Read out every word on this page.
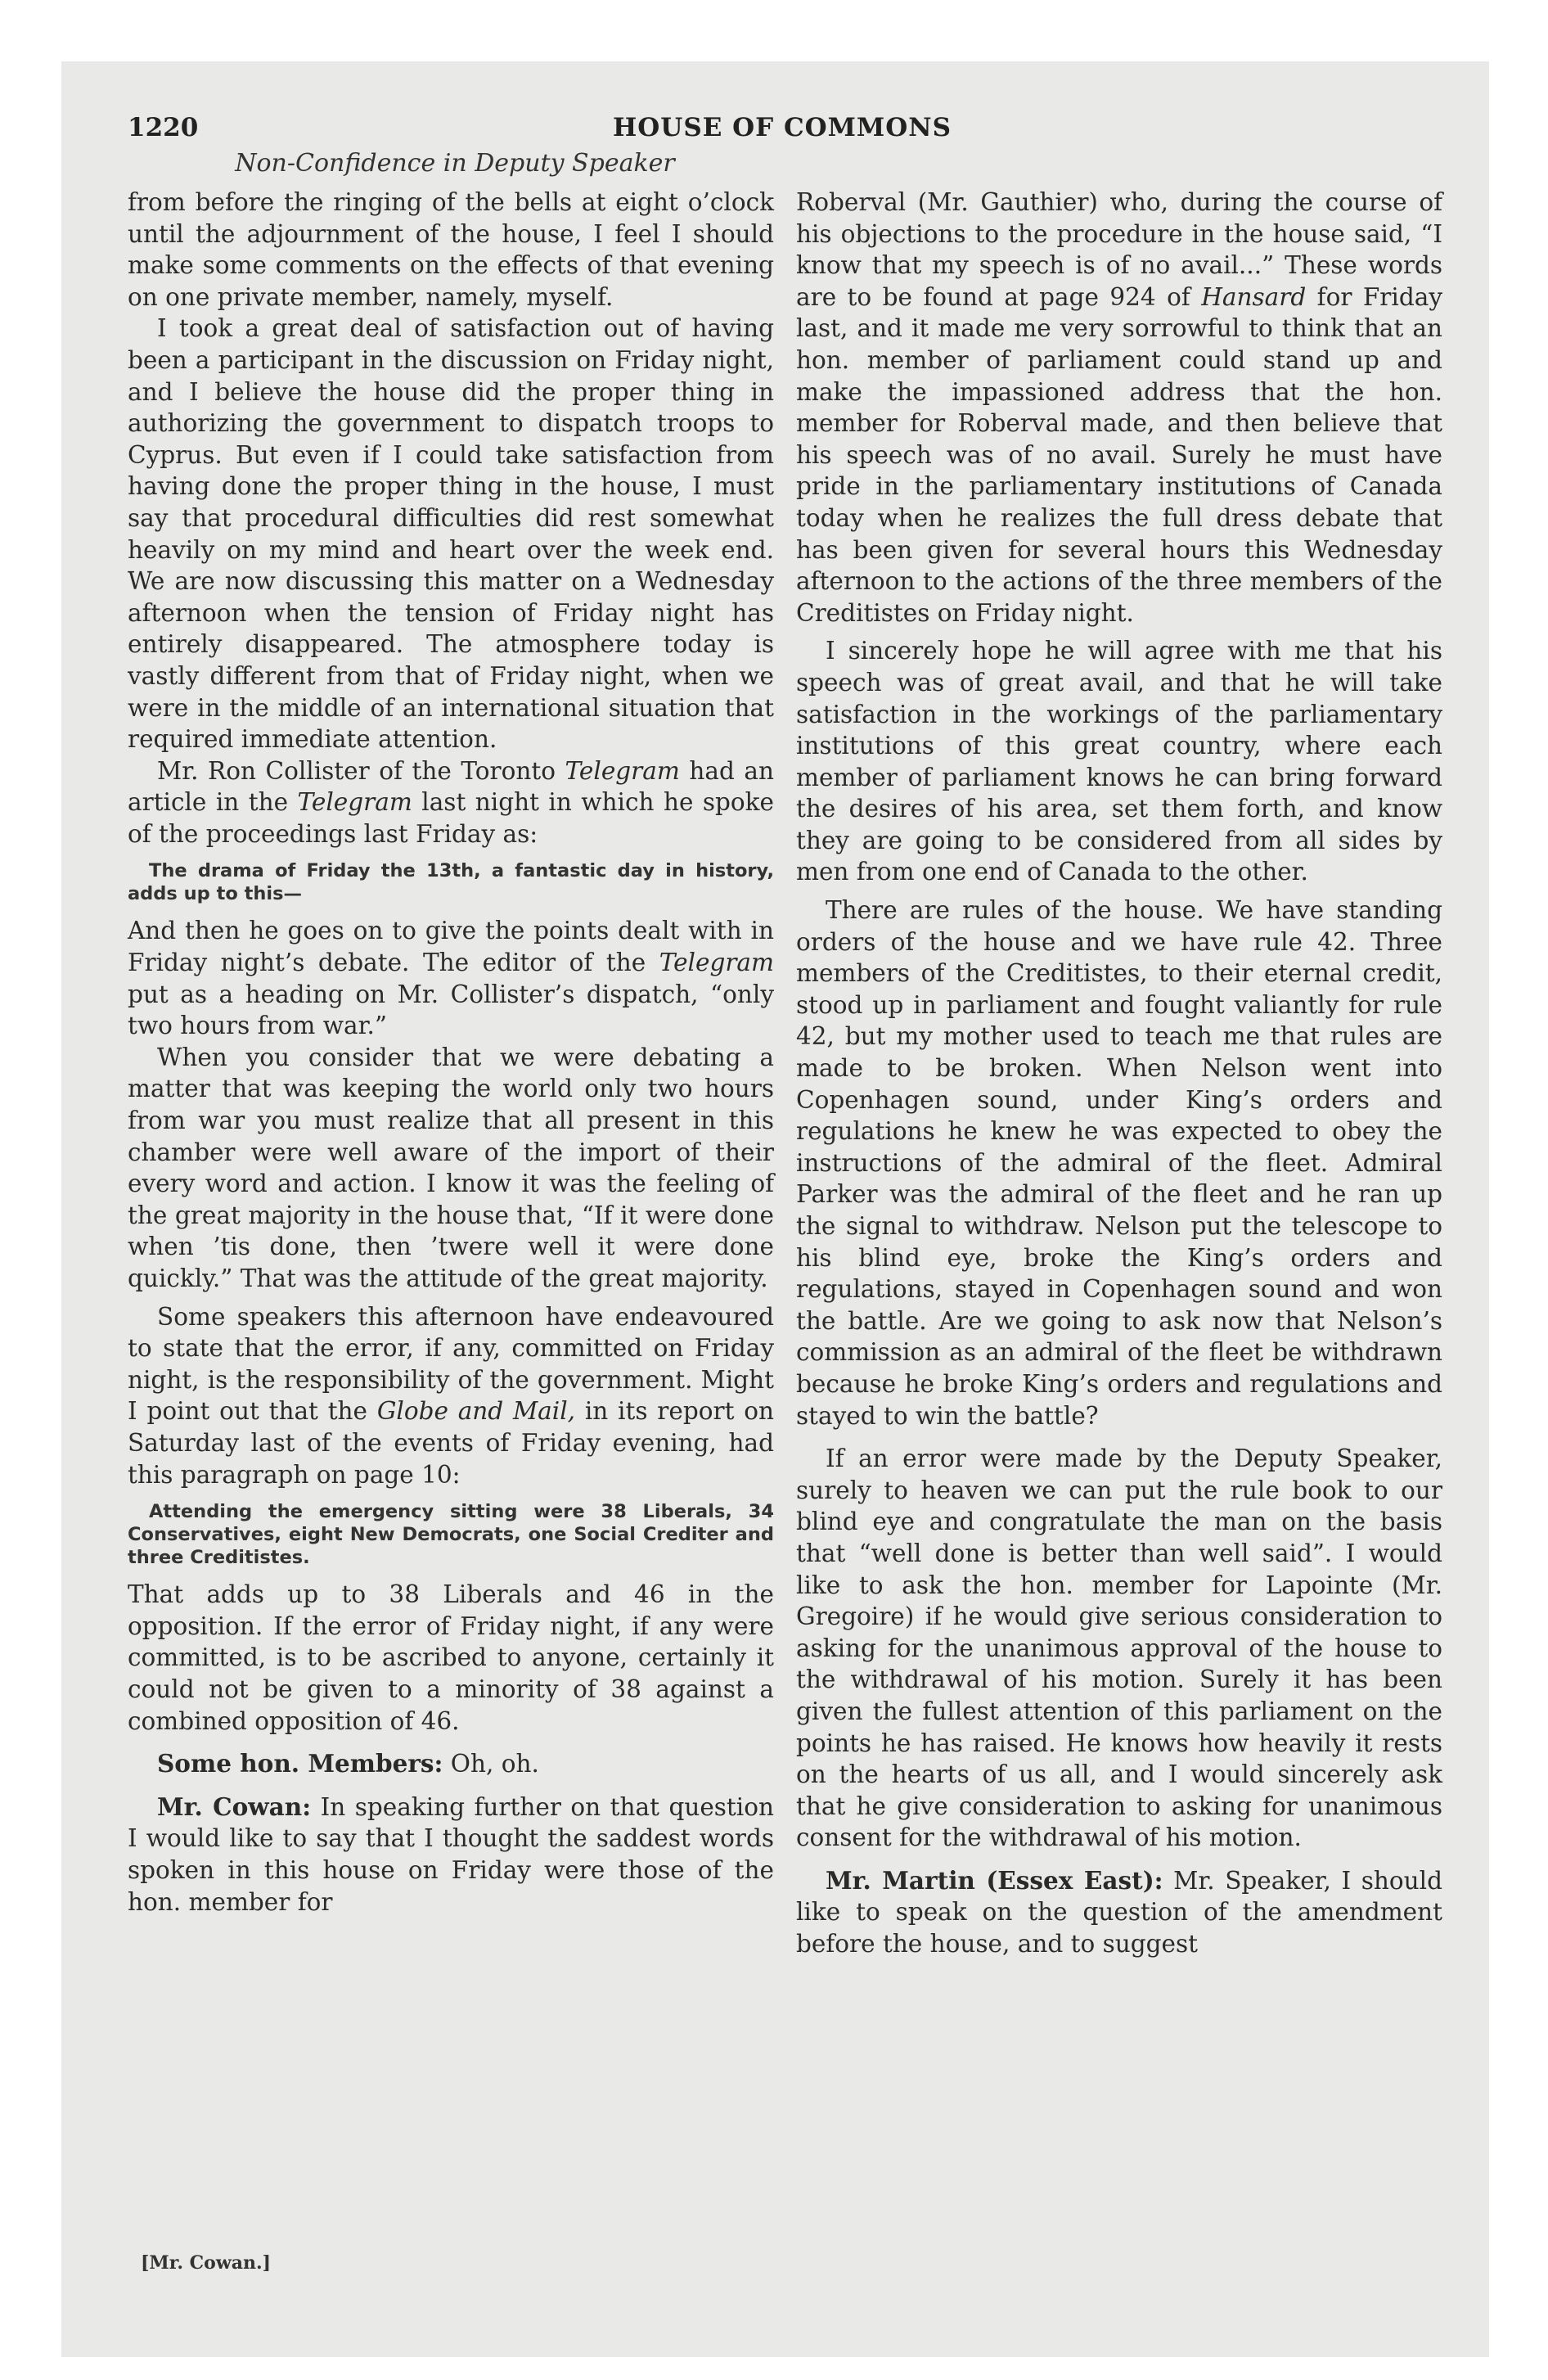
1220	HOUSE OF COMMONS
Non-Confidence in Deputy Speaker

from before the ringing of the bells at eight o’clock until the adjournment of the house, I feel I should make some comments on the effects of that evening on one private member, namely, myself.

I took a great deal of satisfaction out of having been a participant in the discussion on Friday night, and I believe the house did the proper thing in authorizing the government to dispatch troops to Cyprus. But even if I could take satisfaction from having done the proper thing in the house, I must say that procedural difficulties did rest somewhat heavily on my mind and heart over the week end. We are now discussing this matter on a Wednesday afternoon when the tension of Friday night has entirely disappeared. The atmosphere today is vastly different from that of Friday night, when we were in the middle of an international situation that required immediate attention.

Mr. Ron Collister of the Toronto Telegram had an article in the Telegram last night in which he spoke of the proceedings last Friday as:

The drama of Friday the 13th, a fantastic day in history, adds up to this—

And then he goes on to give the points dealt with in Friday night’s debate. The editor of the Telegram put as a heading on Mr. Collister’s dispatch, “only two hours from war.”

When you consider that we were debating a matter that was keeping the world only two hours from war you must realize that all present in this chamber were well aware of the import of their every word and action. I know it was the feeling of the great majority in the house that, “If it were done when ’tis done, then ’twere well it were done quickly.” That was the attitude of the great majority.

Some speakers this afternoon have endeavoured to state that the error, if any, committed on Friday night, is the responsibility of the government. Might I point out that the Globe and Mail, in its report on Saturday last of the events of Friday evening, had this paragraph on page 10:

Attending the emergency sitting were 38 Liberals, 34 Conservatives, eight New Democrats, one Social Crediter and three Creditistes.

That adds up to 38 Liberals and 46 in the opposition. If the error of Friday night, if any were committed, is to be ascribed to anyone, certainly it could not be given to a minority of 38 against a combined opposition of 46.

Some hon. Members: Oh, oh.

Mr. Cowan: In speaking further on that question I would like to say that I thought the saddest words spoken in this house on Friday were those of the hon. member for

Roberval (Mr. Gauthier) who, during the course of his objections to the procedure in the house said, “I know that my speech is of no avail...” These words are to be found at page 924 of Hansard for Friday last, and it made me very sorrowful to think that an hon. member of parliament could stand up and make the impassioned address that the hon. member for Roberval made, and then believe that his speech was of no avail. Surely he must have pride in the parliamentary institutions of Canada today when he realizes the full dress debate that has been given for several hours this Wednesday afternoon to the actions of the three members of the Creditistes on Friday night.

I sincerely hope he will agree with me that his speech was of great avail, and that he will take satisfaction in the workings of the parliamentary institutions of this great country, where each member of parliament knows he can bring forward the desires of his area, set them forth, and know they are going to be considered from all sides by men from one end of Canada to the other.

There are rules of the house. We have standing orders of the house and we have rule 42. Three members of the Creditistes, to their eternal credit, stood up in parliament and fought valiantly for rule 42, but my mother used to teach me that rules are made to be broken. When Nelson went into Copenhagen sound, under King’s orders and regulations he knew he was expected to obey the instructions of the admiral of the fleet. Admiral Parker was the admiral of the fleet and he ran up the signal to withdraw. Nelson put the telescope to his blind eye, broke the King’s orders and regulations, stayed in Copenhagen sound and won the battle. Are we going to ask now that Nelson’s commission as an admiral of the fleet be withdrawn because he broke King’s orders and regulations and stayed to win the battle?

If an error were made by the Deputy Speaker, surely to heaven we can put the rule book to our blind eye and congratulate the man on the basis that “well done is better than well said”. I would like to ask the hon. member for Lapointe (Mr. Gregoire) if he would give serious consideration to asking for the unanimous approval of the house to the withdrawal of his motion. Surely it has been given the fullest attention of this parliament on the points he has raised. He knows how heavily it rests on the hearts of us all, and I would sincerely ask that he give consideration to asking for unanimous consent for the withdrawal of his motion.

Mr. Martin (Essex East): Mr. Speaker, I should like to speak on the question of the amendment before the house, and to suggest

[Mr. Cowan.]
